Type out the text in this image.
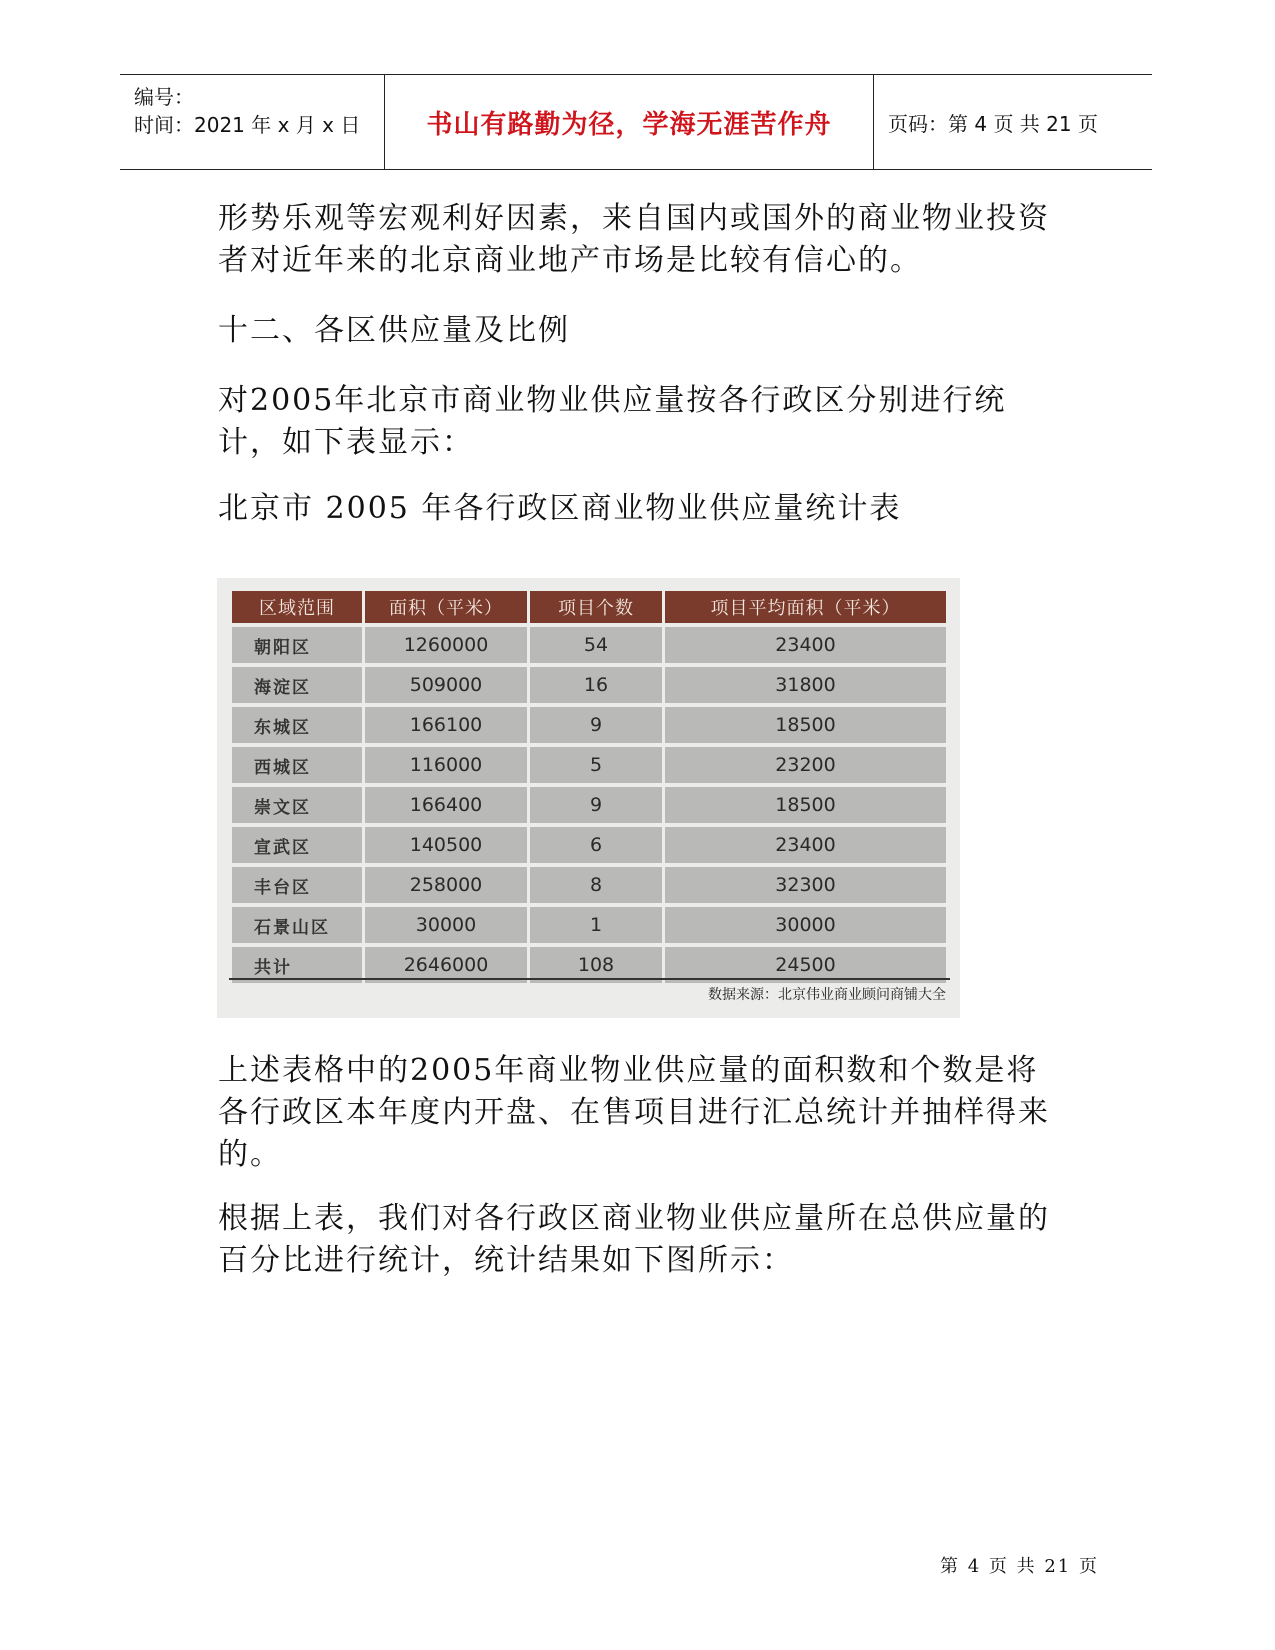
编号：
时间：2021 年 x 月 x 日	书山有路勤为径，学海无涯苦作舟	页码：第 4 页 共 21 页
形势乐观等宏观利好因素，来自国内或国外的商业物业投资者对近年来的北京商业地产市场是比较有信心的。
十二、各区供应量及比例
对2005年北京市商业物业供应量按各行政区分别进行统计，如下表显示：
北京市 2005 年各行政区商业物业供应量统计表
区域范围	面积（平米）	项目个数	项目平均面积（平米）
朝阳区	1260000	54	23400
海淀区	509000	16	31800
东城区	166100	9	18500
西城区	116000	5	23200
崇文区	166400	9	18500
宣武区	140500	6	23400
丰台区	258000	8	32300
石景山区	30000	1	30000
共计	2646000	108	24500
数据来源：北京伟业商业顾问商铺大全
上述表格中的2005年商业物业供应量的面积数和个数是将各行政区本年度内开盘、在售项目进行汇总统计并抽样得来的。
根据上表，我们对各行政区商业物业供应量所在总供应量的百分比进行统计，统计结果如下图所示：
第 4 页 共 21 页
